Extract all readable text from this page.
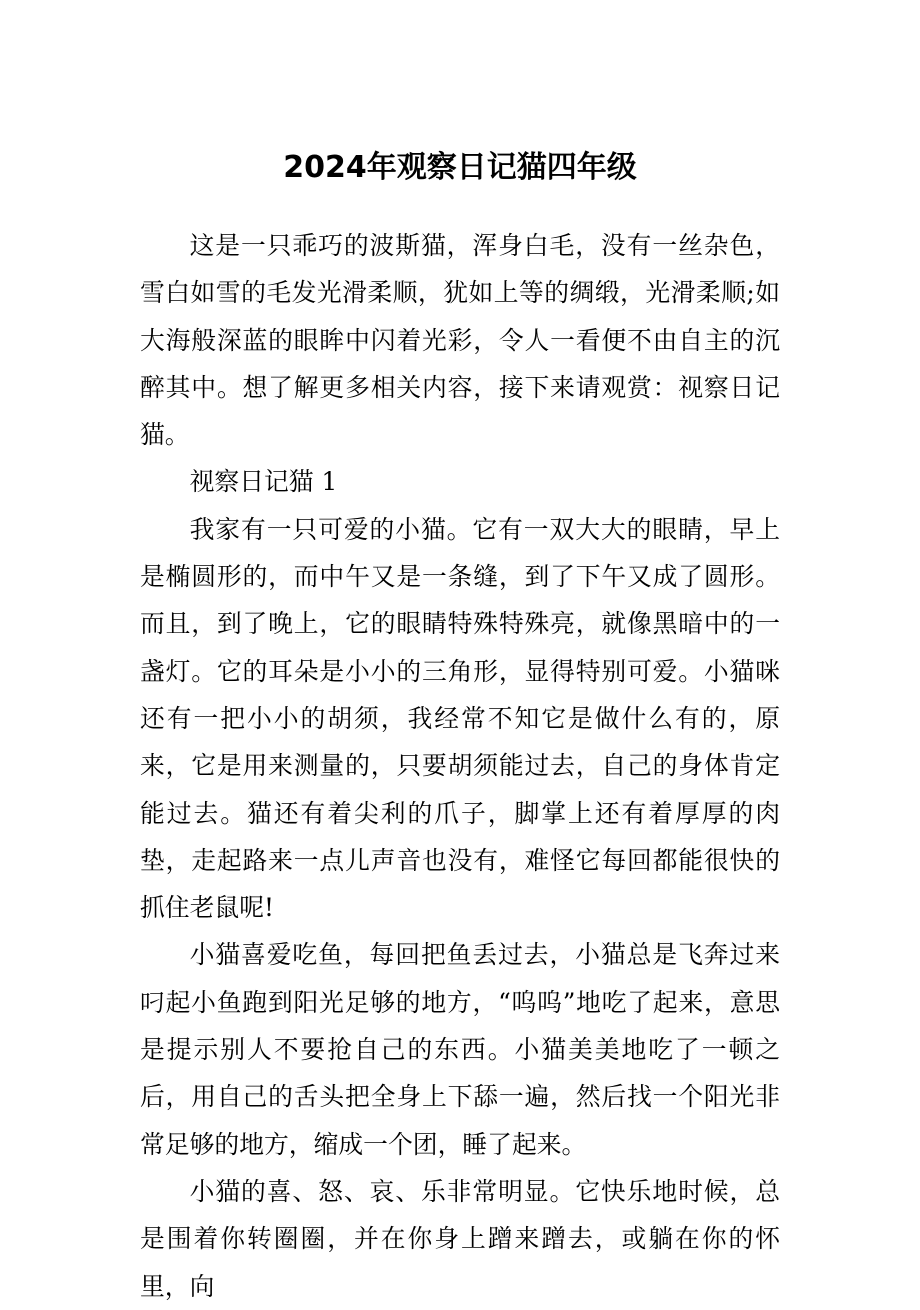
2024年观察日记猫四年级

这是一只乖巧的波斯猫，浑身白毛，没有一丝杂色，雪白如雪的毛发光滑柔顺，犹如上等的绸缎，光滑柔顺;如大海般深蓝的眼眸中闪着光彩，令人一看便不由自主的沉醉其中。想了解更多相关内容，接下来请观赏：视察日记猫。

视察日记猫 1

我家有一只可爱的小猫。它有一双大大的眼睛，早上是椭圆形的，而中午又是一条缝，到了下午又成了圆形。而且，到了晚上，它的眼睛特殊特殊亮，就像黑暗中的一盏灯。它的耳朵是小小的三角形，显得特别可爱。小猫咪还有一把小小的胡须，我经常不知它是做什么有的，原来，它是用来测量的，只要胡须能过去，自己的身体肯定能过去。猫还有着尖利的爪子，脚掌上还有着厚厚的肉垫，走起路来一点儿声音也没有，难怪它每回都能很快的抓住老鼠呢!

小猫喜爱吃鱼，每回把鱼丢过去，小猫总是飞奔过来叼起小鱼跑到阳光足够的地方，“呜呜”地吃了起来，意思是提示别人不要抢自己的东西。小猫美美地吃了一顿之后，用自己的舌头把全身上下舔一遍，然后找一个阳光非常足够的地方，缩成一个团，睡了起来。

小猫的喜、怒、哀、乐非常明显。它快乐地时候，总是围着你转圈圈，并在你身上蹭来蹭去，或躺在你的怀里，向
